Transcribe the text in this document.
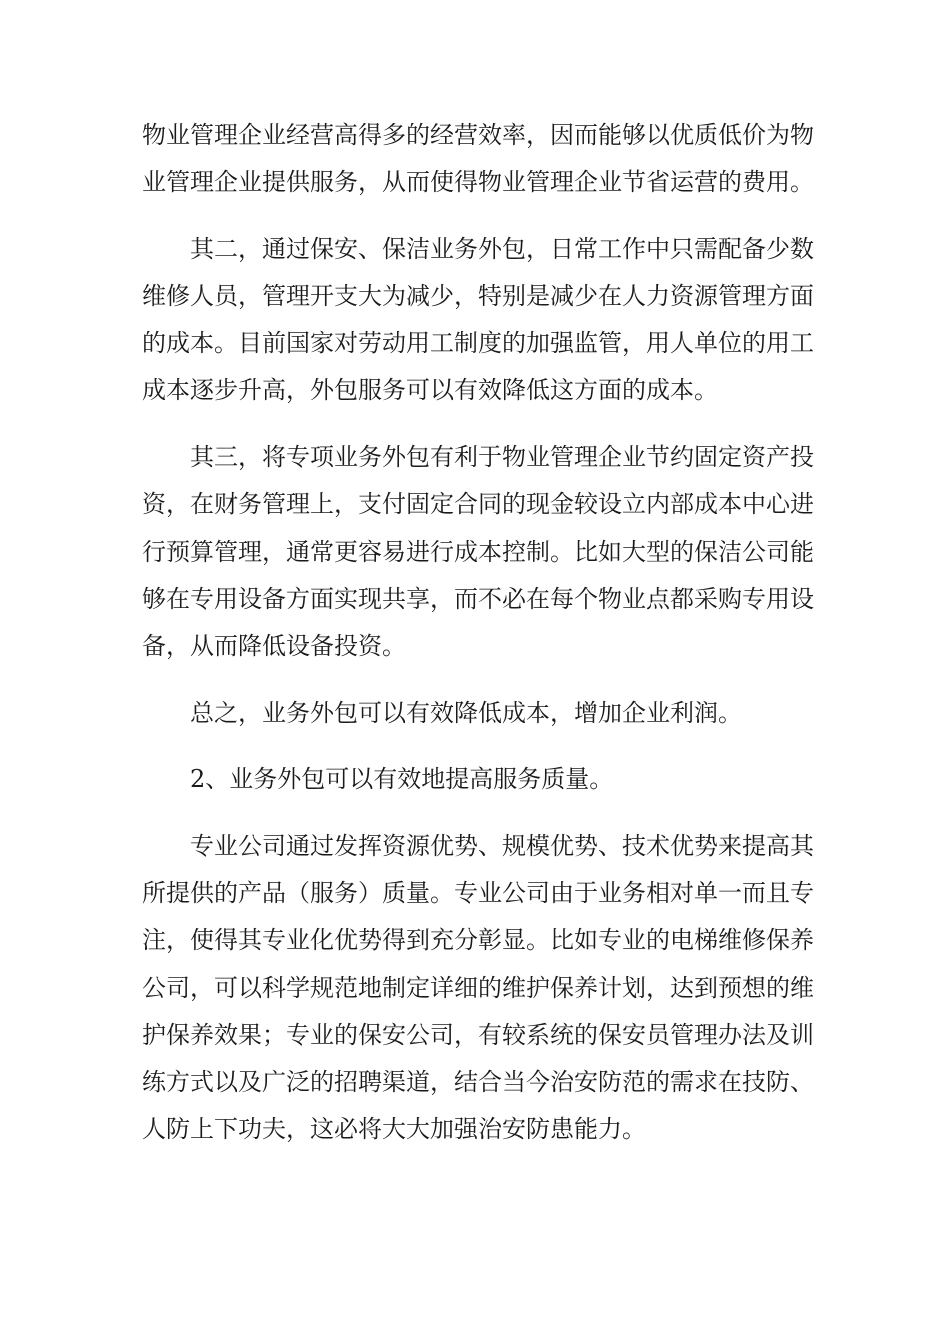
物业管理企业经营高得多的经营效率，因而能够以优质低价为物
业管理企业提供服务，从而使得物业管理企业节省运营的费用。
其二，通过保安、保洁业务外包，日常工作中只需配备少数
维修人员，管理开支大为减少，特别是减少在人力资源管理方面
的成本。目前国家对劳动用工制度的加强监管，用人单位的用工
成本逐步升高，外包服务可以有效降低这方面的成本。
其三，将专项业务外包有利于物业管理企业节约固定资产投
资，在财务管理上，支付固定合同的现金较设立内部成本中心进
行预算管理，通常更容易进行成本控制。比如大型的保洁公司能
够在专用设备方面实现共享，而不必在每个物业点都采购专用设
备，从而降低设备投资。
总之，业务外包可以有效降低成本，增加企业利润。
2、业务外包可以有效地提高服务质量。
专业公司通过发挥资源优势、规模优势、技术优势来提高其
所提供的产品（服务）质量。专业公司由于业务相对单一而且专
注，使得其专业化优势得到充分彰显。比如专业的电梯维修保养
公司，可以科学规范地制定详细的维护保养计划，达到预想的维
护保养效果；专业的保安公司，有较系统的保安员管理办法及训
练方式以及广泛的招聘渠道，结合当今治安防范的需求在技防、
人防上下功夫，这必将大大加强治安防患能力。
